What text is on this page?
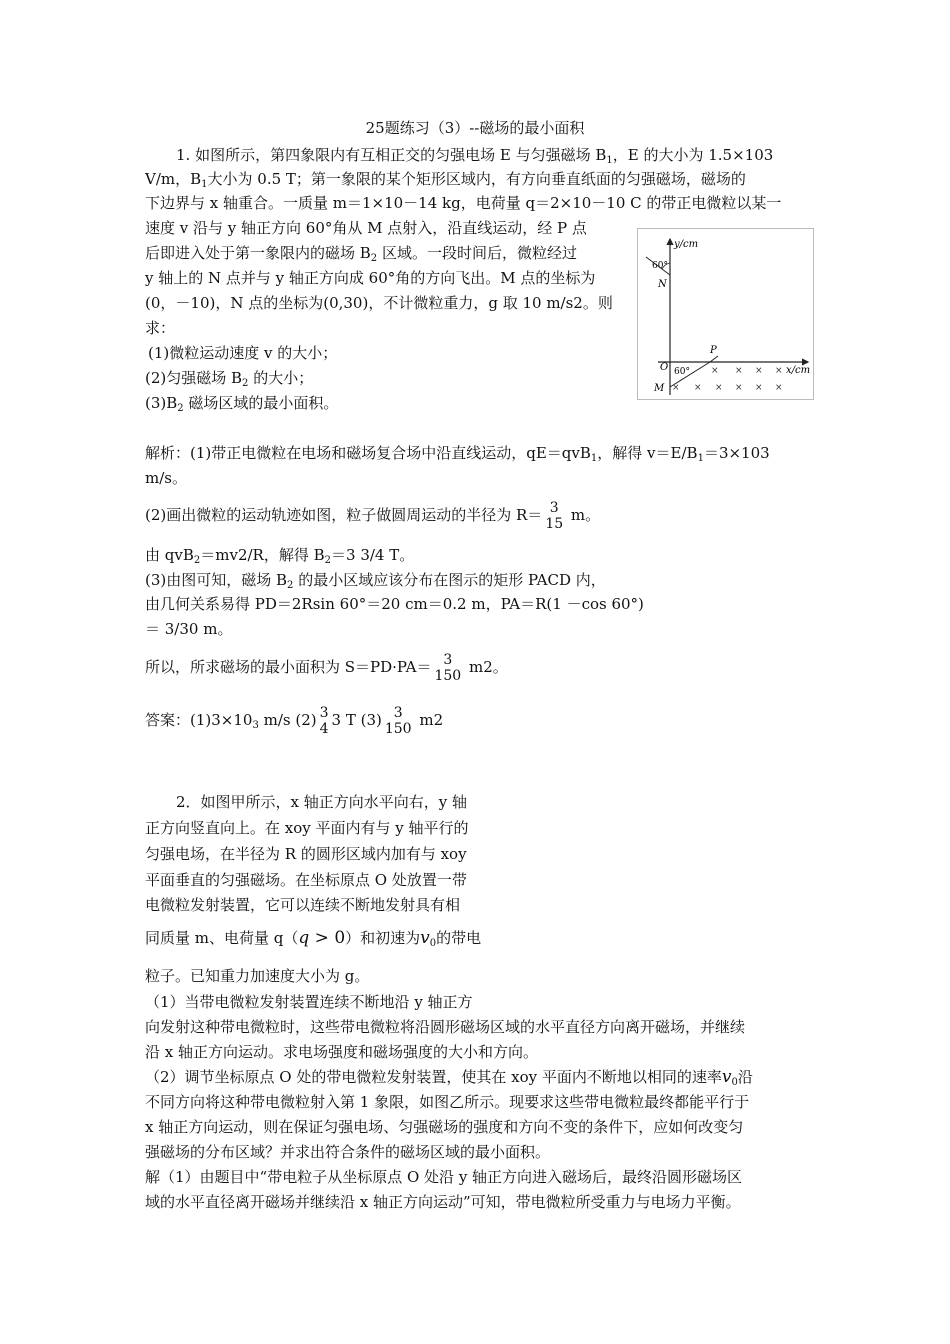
25题练习（3）--磁场的最小面积
1. 如图所示，第四象限内有互相正交的匀强电场 E 与匀强磁场 $B_1$，E 的大小为 1.5×103
V/m，$B_1$大小为 0.5 T；第一象限的某个矩形区域内，有方向垂直纸面的匀强磁场，磁场的
下边界与 x 轴重合。一质量 m＝1×10－14 kg，电荷量 q＝2×10－10 C 的带正电微粒以某一
速度 v 沿与 y 轴正方向 60°角从 M 点射入，沿直线运动，经 P 点
后即进入处于第一象限内的磁场 $B_2$ 区域。一段时间后，微粒经过
y 轴上的 N 点并与 y 轴正方向成 60°角的方向飞出。M 点的坐标为
(0，－10)，N 点的坐标为(0,30)，不计微粒重力，g 取 10 m/s2。则
求：
(1)微粒运动速度 v 的大小；
(2)匀强磁场 $B_2$ 的大小；
$(3)B_2$ 磁场区域的最小面积。
y/cm
x/cm
60°
N
P
O 60°
M
× × × ×
× × × × × ×
解析：(1)带正电微粒在电场和磁场复合场中沿直线运动，qE＝qvB$_1$，解得 $v=E/B_1=3\times 103$
m/s。
(2)画出微粒的运动轨迹如图，粒子做圆周运动的半径为 R＝ 3
15 m。
由 qvB$_2$＝mv2/R，解得 $B_2=3$ 3/4 T。
(3)由图可知，磁场 $B_2$ 的最小区域应该分布在图示的矩形 PACD 内，
由几何关系易得 PD＝2Rsin 60°＝20 cm＝0.2 m，PA＝R(1 －cos 60°)
＝ 3/30 m。
所以，所求磁场的最小面积为 S＝PD·PA＝ 3
150 m2。
答案：$(1)3\times 10_3$ m/s (2) 3
4 3 T (3) 3
150 m2
2．如图甲所示，x 轴正方向水平向右，y 轴
正方向竖直向上。在 xoy 平面内有与 y 轴平行的
匀强电场，在半径为 R 的圆形区域内加有与 xoy
平面垂直的匀强磁场。在坐标原点 O 处放置一带
电微粒发射装置，它可以连续不断地发射具有相
同质量 m、电荷量 q（q > 0）和初速为$v_0$的带电
粒子。已知重力加速度大小为 g。
（1）当带电微粒发射装置连续不断地沿 y 轴正方
向发射这种带电微粒时，这些带电微粒将沿圆形磁场区域的水平直径方向离开磁场，并继续
沿 x 轴正方向运动。求电场强度和磁场强度的大小和方向。
（2）调节坐标原点 O 处的带电微粒发射装置，使其在 xoy 平面内不断地以相同的速率$v_0$沿
不同方向将这种带电微粒射入第 1 象限，如图乙所示。现要求这些带电微粒最终都能平行于
x 轴正方向运动，则在保证匀强电场、匀强磁场的强度和方向不变的条件下，应如何改变匀
强磁场的分布区域？并求出符合条件的磁场区域的最小面积。
解（1）由题目中“带电粒子从坐标原点 O 处沿 y 轴正方向进入磁场后，最终沿圆形磁场区
域的水平直径离开磁场并继续沿 x 轴正方向运动”可知，带电微粒所受重力与电场力平衡。
